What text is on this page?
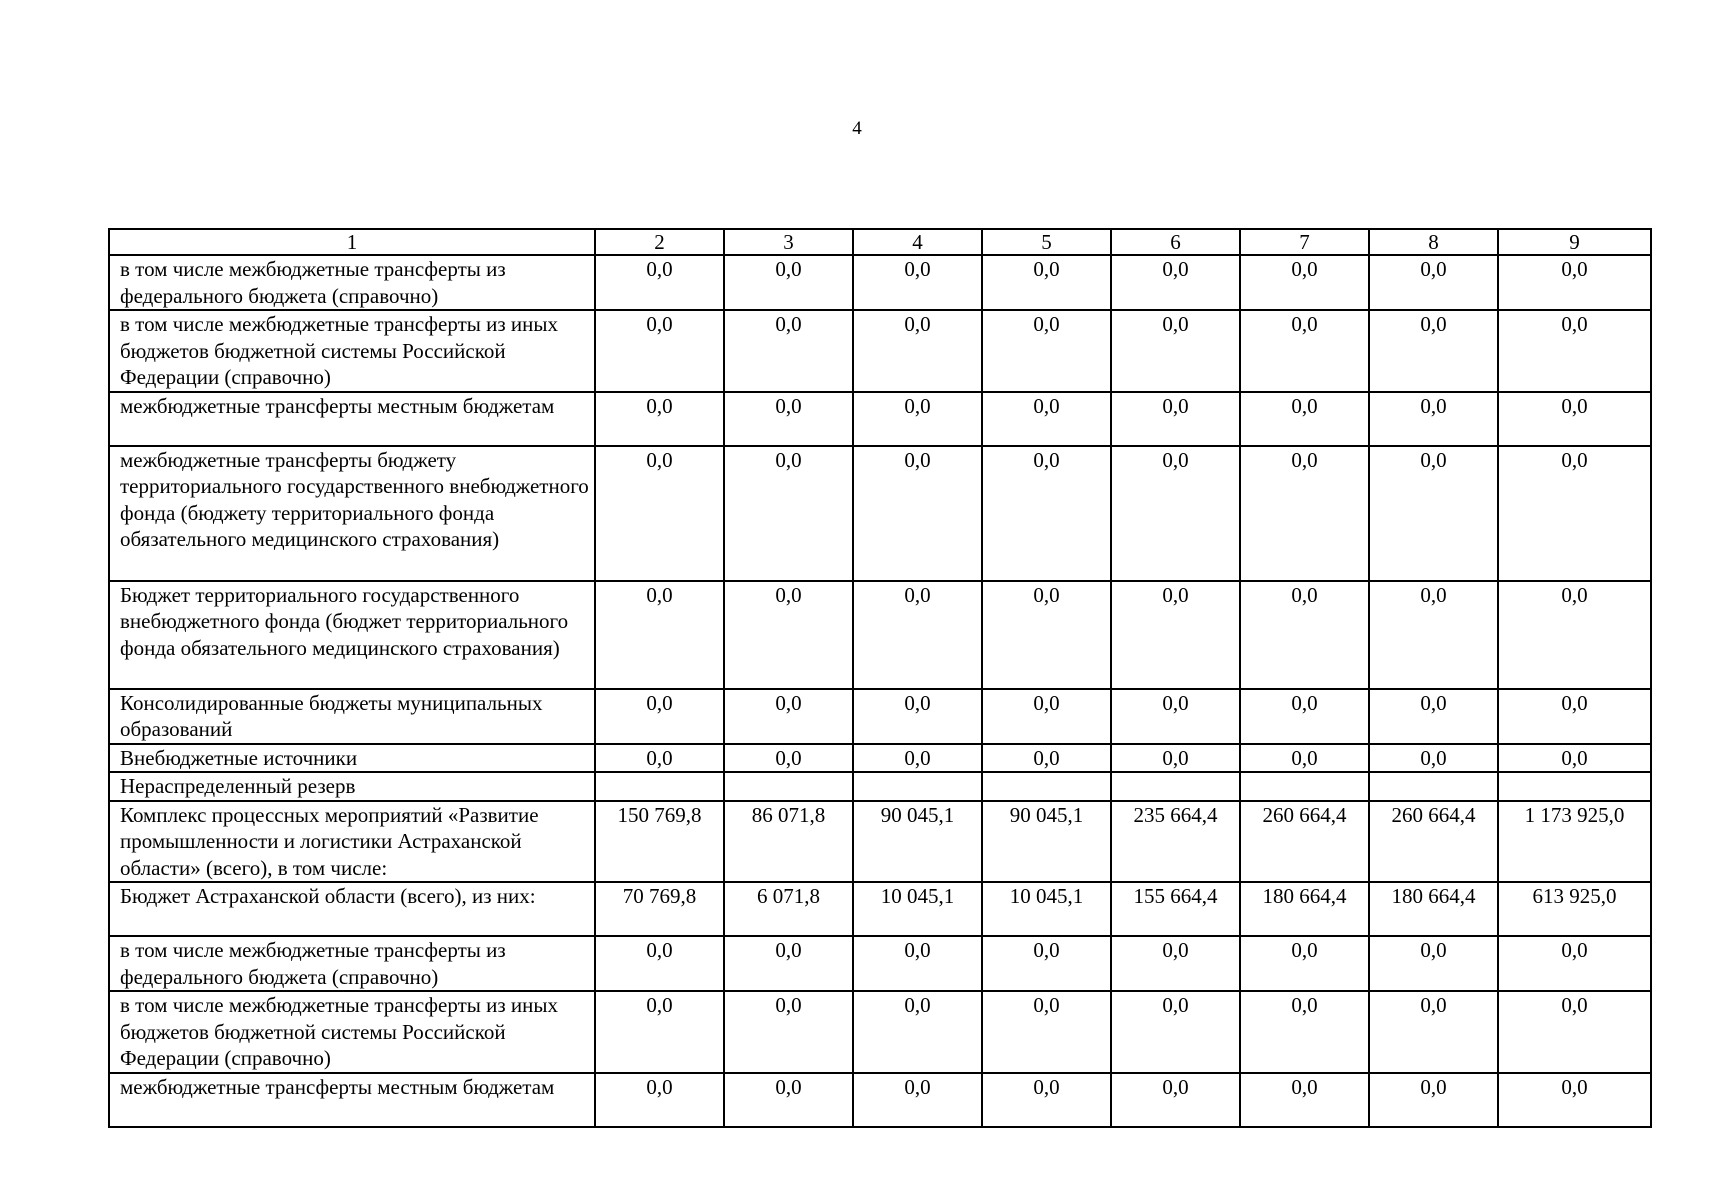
4
1	2	3	4	5	6	7	8	9
в том числе межбюджетные трансферты из федерального бюджета (справочно)	0,0	0,0	0,0	0,0	0,0	0,0	0,0	0,0
в том числе межбюджетные трансферты из иных бюджетов бюджетной системы Российской Федерации (справочно)	0,0	0,0	0,0	0,0	0,0	0,0	0,0	0,0
межбюджетные трансферты местным бюджетам	0,0	0,0	0,0	0,0	0,0	0,0	0,0	0,0
межбюджетные трансферты бюджету территориального государственного внебюджетного фонда (бюджету территориального фонда обязательного медицинского страхования)	0,0	0,0	0,0	0,0	0,0	0,0	0,0	0,0
Бюджет территориального государственного внебюджетного фонда (бюджет территориального фонда обязательного медицинского страхования)	0,0	0,0	0,0	0,0	0,0	0,0	0,0	0,0
Консолидированные бюджеты муниципальных образований	0,0	0,0	0,0	0,0	0,0	0,0	0,0	0,0
Внебюджетные источники	0,0	0,0	0,0	0,0	0,0	0,0	0,0	0,0
Нераспределенный резерв								
Комплекс процессных мероприятий «Развитие промышленности и логистики Астраханской области» (всего), в том числе:	150 769,8	86 071,8	90 045,1	90 045,1	235 664,4	260 664,4	260 664,4	1 173 925,0
Бюджет Астраханской области (всего), из них:	70 769,8	6 071,8	10 045,1	10 045,1	155 664,4	180 664,4	180 664,4	613 925,0
в том числе межбюджетные трансферты из федерального бюджета (справочно)	0,0	0,0	0,0	0,0	0,0	0,0	0,0	0,0
в том числе межбюджетные трансферты из иных бюджетов бюджетной системы Российской Федерации (справочно)	0,0	0,0	0,0	0,0	0,0	0,0	0,0	0,0
межбюджетные трансферты местным бюджетам	0,0	0,0	0,0	0,0	0,0	0,0	0,0	0,0
